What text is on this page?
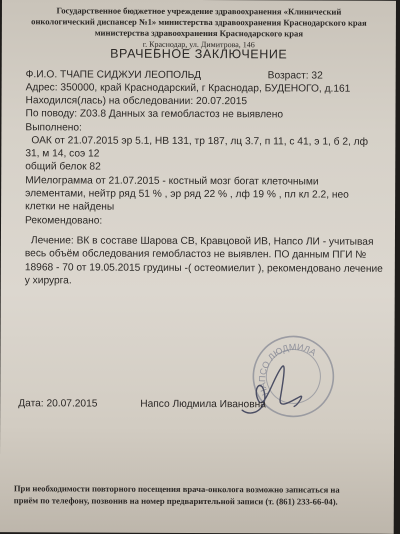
Государственное бюджетное учреждение здравоохранения «Клинический
онкологический диспансер №1» министерства здравоохранения Краснодарского края
министерства здравоохранения Краснодарского края
г. Краснодар, ул. Димитрова, 146
ВРАЧЕБНОЕ ЗАКЛЮЧЕНИЕ
Ф.И.О. ТЧАПЕ СИДЖУИ ЛЕОПОЛЬД	Возраст: 32
Адрес: 350000, край Краснодарский, г Краснодар, БУДЕНОГО, д.161
Находился(лась) на обследовании: 20.07.2015
По поводу: Z03.8 Данных за гемобластоз не выявлено
Выполнено:
ОАК от 21.07.2015 эр 5.1, НВ 131, тр 187, лц 3.7, п 11, с 41, э 1, б 2, лф
31, м 14, соэ 12
общий белок 82
МИелограмма от 21.07.2015 - костный мозг богат клеточными
элементами, нейтр ряд 51 % , эр ряд 22 % , лф 19 % , пл кл 2.2, нео
клетки не найдены
Рекомендовано:
Лечение: ВК в составе Шарова СВ, Кравцовой ИВ, Напсо ЛИ - учитывая
весь объём обследования гемобластоз не выявлен. ПО данным ПГИ №
18968 - 70 от 19.05.2015 грудины -( остеомиелит ), рекомендовано лечение
у хирурга.
НАПСО ЛЮДМИЛА
Дата: 20.07.2015	Напсо Людмила Ивановна
При необходимости повторного посещения врача-онколога возможно записаться на
приём по телефону, позвонив на номер предварительной записи (т. (861) 233-66-04).
